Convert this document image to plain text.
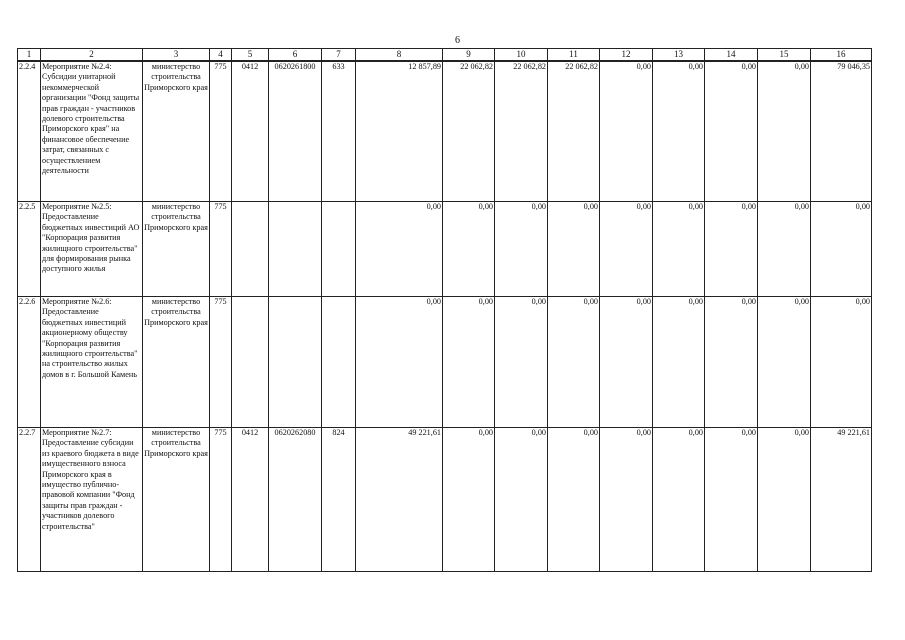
6
1	2	3	4	5	6	7	8	9	10	11	12	13	14	15	16
2.2.4	Мероприятие №2.4: Субсидии унитарной некоммерческой организации "Фонд защиты прав граждан - участников долевого строительства Приморского края" на финансовое обеспечение затрат, связанных с осуществлением деятельности	министерство строительства Приморского края	775	0412	0620261800	633	12 857,89	22 062,82	22 062,82	22 062,82	0,00	0,00	0,00	0,00	79 046,35
2.2.5	Мероприятие №2.5: Предоставление бюджетных инвестиций АО "Корпорация развития жилищного строительства" для формирования рынка доступного жилья	министерство строительства Приморского края	775				0,00	0,00	0,00	0,00	0,00	0,00	0,00	0,00	0,00
2.2.6	Мероприятие №2.6: Предоставление бюджетных инвестиций акционерному обществу "Корпорация развития жилищного строительства" на строительство жилых домов в г. Большой Камень	министерство строительства Приморского края	775				0,00	0,00	0,00	0,00	0,00	0,00	0,00	0,00	0,00
2.2.7	Мероприятие №2.7: Предоставление субсидии из краевого бюджета в виде имущественного взноса Приморского края в имущество публично-правовой компании "Фонд защиты прав граждан - участников долевого строительства"	министерство строительства Приморского края	775	0412	0620262080	824	49 221,61	0,00	0,00	0,00	0,00	0,00	0,00	0,00	49 221,61
